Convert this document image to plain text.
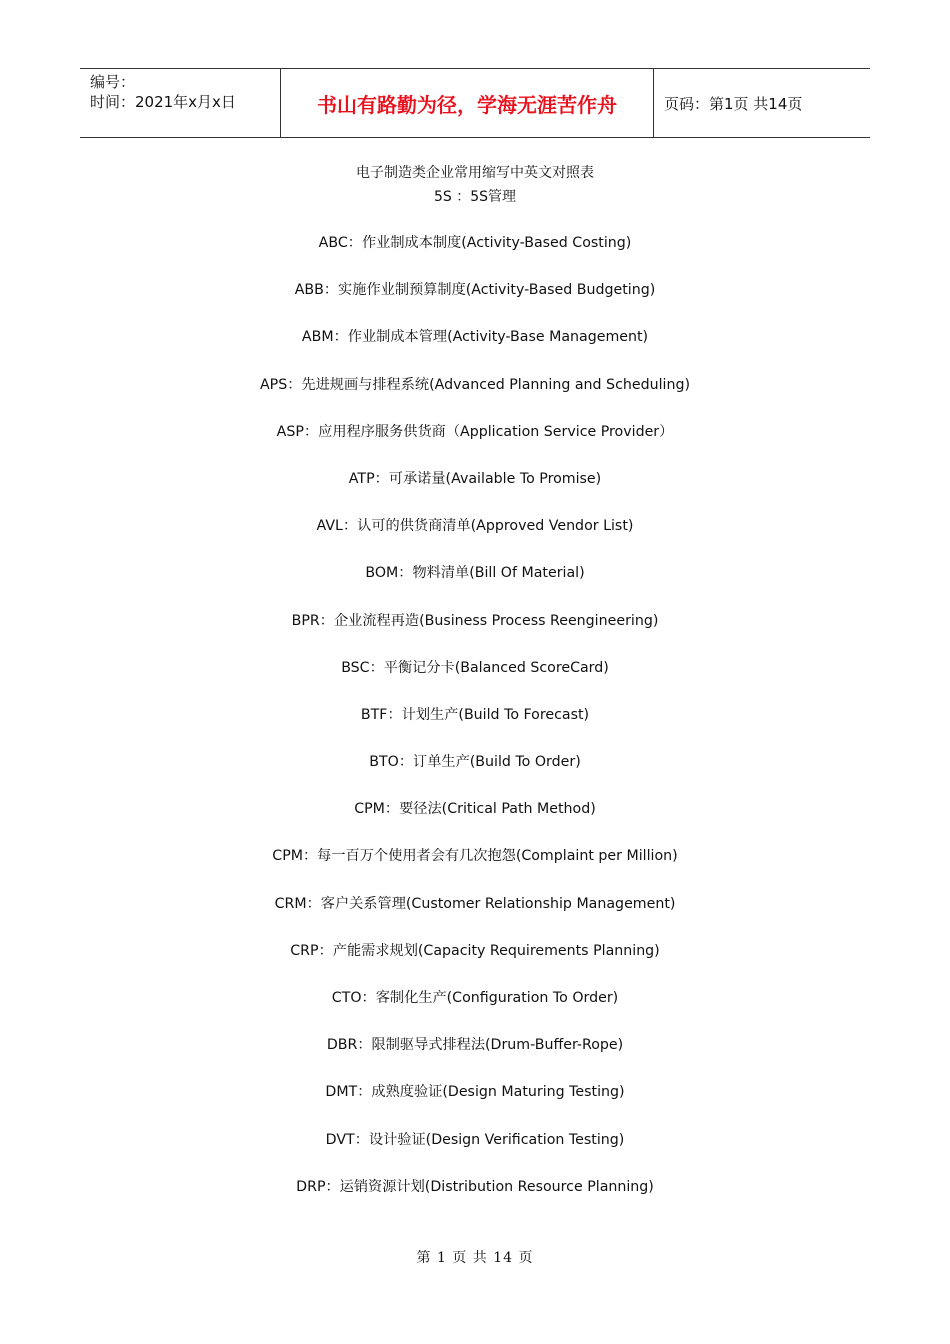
编号：
时间：2021年x月x日	书山有路勤为径，学海无涯苦作舟	页码：第1页 共14页
电子制造类企业常用缩写中英文对照表
5S ：5S管理
ABC：作业制成本制度(Activity-Based Costing)
ABB：实施作业制预算制度(Activity-Based Budgeting)
ABM：作业制成本管理(Activity-Base Management)
APS：先进规画与排程系统(Advanced Planning and Scheduling)
ASP：应用程序服务供货商（Application Service Provider）
ATP：可承诺量(Available To Promise)
AVL：认可的供货商清单(Approved Vendor List)
BOM：物料清单(Bill Of Material)
BPR：企业流程再造(Business Process Reengineering)
BSC：平衡记分卡(Balanced ScoreCard)
BTF：计划生产(Build To Forecast)
BTO：订单生产(Build To Order)
CPM：要径法(Critical Path Method)
CPM：每一百万个使用者会有几次抱怨(Complaint per Million)
CRM：客户关系管理(Customer Relationship Management)
CRP：产能需求规划(Capacity Requirements Planning)
CTO：客制化生产(Configuration To Order)
DBR：限制驱导式排程法(Drum-Buffer-Rope)
DMT：成熟度验证(Design Maturing Testing)
DVT：设计验证(Design Verification Testing)
DRP：运销资源计划(Distribution Resource Planning)
第 1 页 共 14 页
